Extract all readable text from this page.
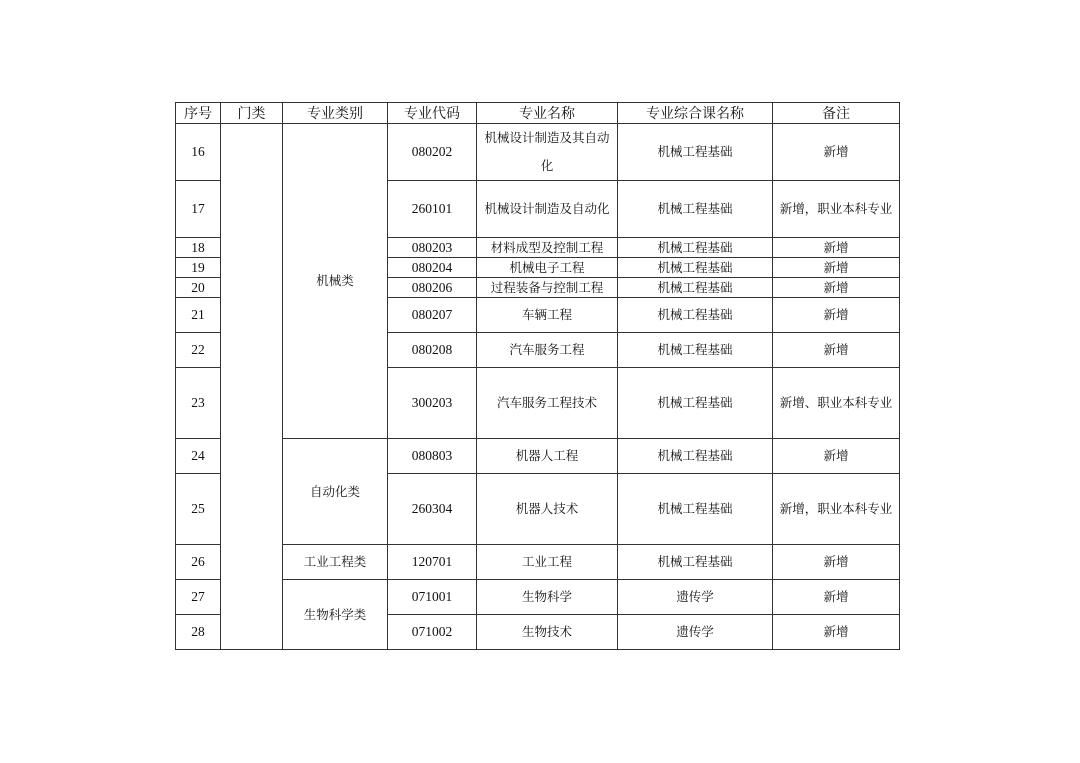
序号	门类	专业类别	专业代码	专业名称	专业综合课名称	备注
16		机械类	080202	机械设计制造及其自动化	机械工程基础	新增
17			260101	机械设计制造及自动化	机械工程基础	新增，职业本科专业
18			080203	材料成型及控制工程	机械工程基础	新增
19			080204	机械电子工程	机械工程基础	新增
20			080206	过程装备与控制工程	机械工程基础	新增
21			080207	车辆工程	机械工程基础	新增
22			080208	汽车服务工程	机械工程基础	新增
23			300203	汽车服务工程技术	机械工程基础	新增、职业本科专业
24		自动化类	080803	机器人工程	机械工程基础	新增
25			260304	机器人技术	机械工程基础	新增，职业本科专业
26		工业工程类	120701	工业工程	机械工程基础	新增
27		生物科学类	071001	生物科学	遗传学	新增
28			071002	生物技术	遗传学	新增
